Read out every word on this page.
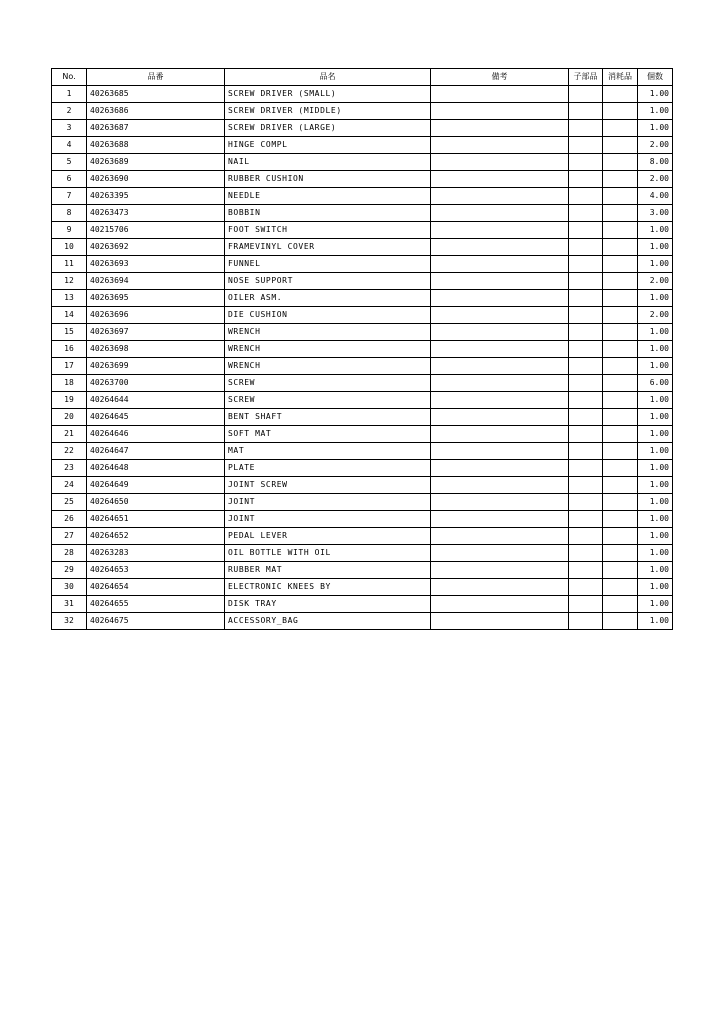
No.	品番	品名	備考	子部品	消耗品	個数
1	40263685	SCREW DRIVER (SMALL)				1.00
2	40263686	SCREW DRIVER (MIDDLE)				1.00
3	40263687	SCREW DRIVER (LARGE)				1.00
4	40263688	HINGE COMPL				2.00
5	40263689	NAIL				8.00
6	40263690	RUBBER CUSHION				2.00
7	40263395	NEEDLE				4.00
8	40263473	BOBBIN				3.00
9	40215706	FOOT SWITCH				1.00
10	40263692	FRAMEVINYL COVER				1.00
11	40263693	FUNNEL				1.00
12	40263694	NOSE SUPPORT				2.00
13	40263695	OILER ASM.				1.00
14	40263696	DIE CUSHION				2.00
15	40263697	WRENCH				1.00
16	40263698	WRENCH				1.00
17	40263699	WRENCH				1.00
18	40263700	SCREW				6.00
19	40264644	SCREW				1.00
20	40264645	BENT SHAFT				1.00
21	40264646	SOFT MAT				1.00
22	40264647	MAT				1.00
23	40264648	PLATE				1.00
24	40264649	JOINT SCREW				1.00
25	40264650	JOINT				1.00
26	40264651	JOINT				1.00
27	40264652	PEDAL LEVER				1.00
28	40263283	OIL BOTTLE WITH OIL				1.00
29	40264653	RUBBER MAT				1.00
30	40264654	ELECTRONIC KNEES BY				1.00
31	40264655	DISK TRAY				1.00
32	40264675	ACCESSORY_BAG				1.00
